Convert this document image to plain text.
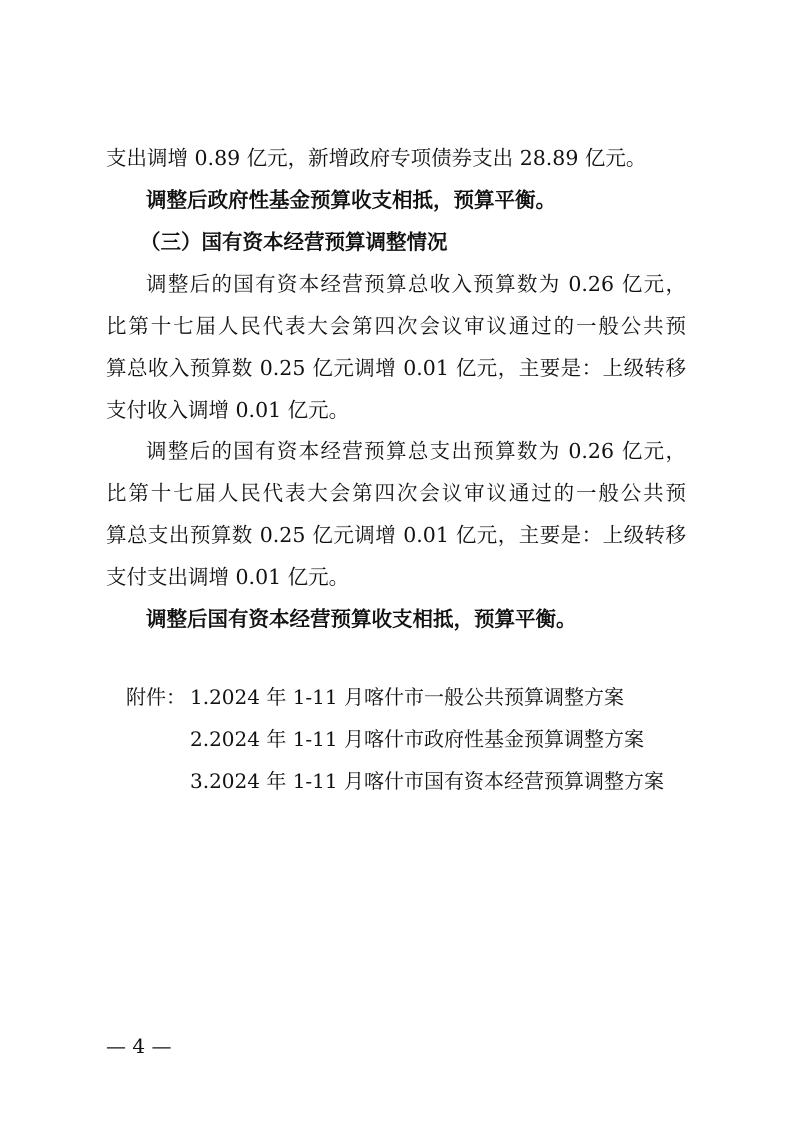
支出调增 0.89 亿元，新增政府专项债券支出 28.89 亿元。
调整后政府性基金预算收支相抵，预算平衡。
（三）国有资本经营预算调整情况
调整后的国有资本经营预算总收入预算数为 0.26 亿元，
比第十七届人民代表大会第四次会议审议通过的一般公共预
算总收入预算数 0.25 亿元调增 0.01 亿元，主要是：上级转移
支付收入调增 0.01 亿元。
调整后的国有资本经营预算总支出预算数为 0.26 亿元，
比第十七届人民代表大会第四次会议审议通过的一般公共预
算总支出预算数 0.25 亿元调增 0.01 亿元，主要是：上级转移
支付支出调增 0.01 亿元。
调整后国有资本经营预算收支相抵，预算平衡。
附件： 1.2024 年 1-11 月喀什市一般公共预算调整方案
2.2024 年 1-11 月喀什市政府性基金预算调整方案
3.2024 年 1-11 月喀什市国有资本经营预算调整方案
— 4 —
